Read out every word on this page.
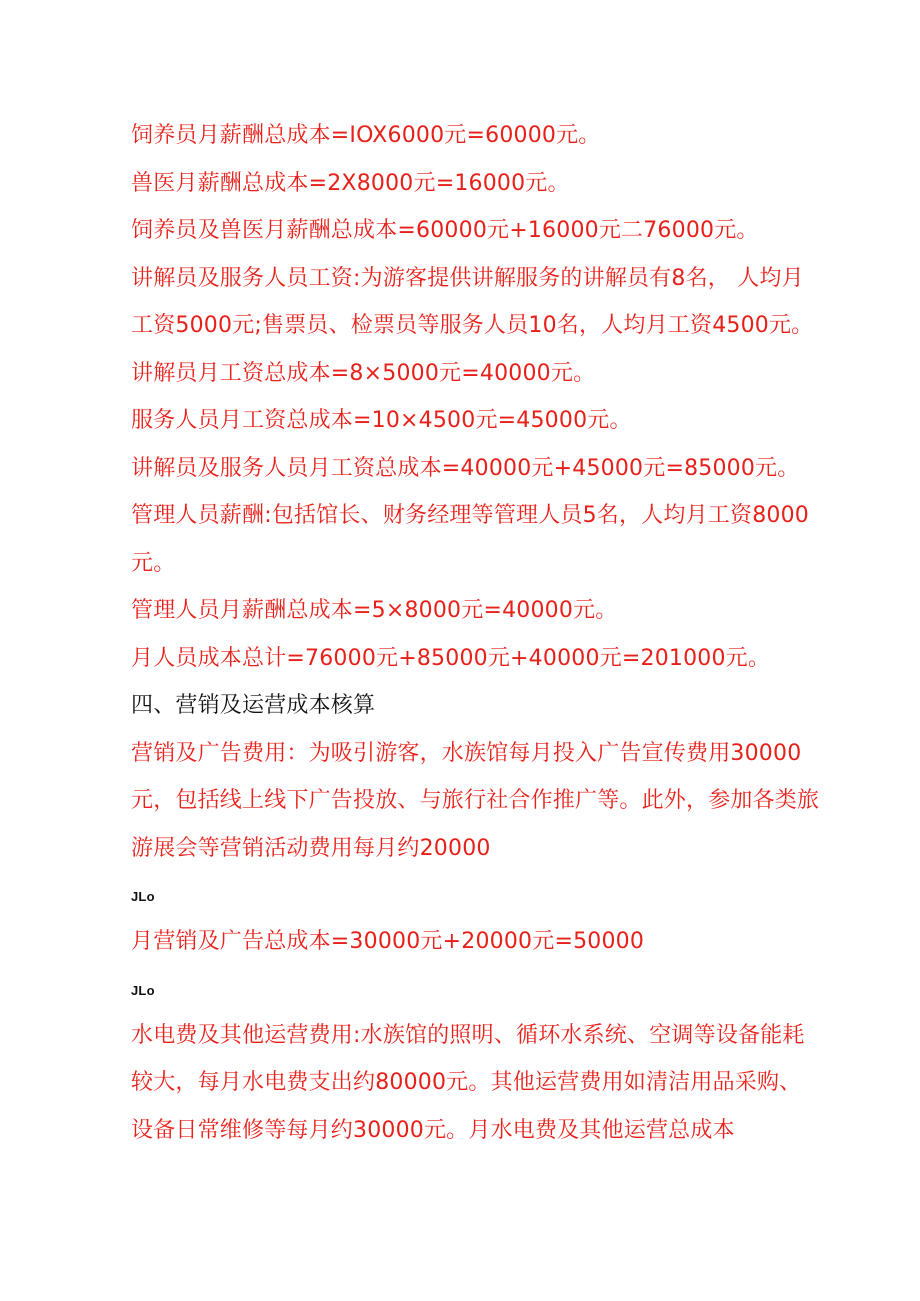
饲养员月薪酬总成本=IOX6000元=60000元。
兽医月薪酬总成本=2X8000元=16000元。
饲养员及兽医月薪酬总成本=60000元+16000元二76000元。
讲解员及服务人员工资:为游客提供讲解服务的讲解员有8名， 人均月
工资5000元;售票员、检票员等服务人员10名，人均月工资4500元。
讲解员月工资总成本=8×5000元=40000元。
服务人员月工资总成本=10×4500元=45000元。
讲解员及服务人员月工资总成本=40000元+45000元=85000元。
管理人员薪酬:包括馆长、财务经理等管理人员5名，人均月工资8000
元。
管理人员月薪酬总成本=5×8000元=40000元。
月人员成本总计=76000元+85000元+40000元=201000元。
四、营销及运营成本核算
营销及广告费用：为吸引游客，水族馆每月投入广告宣传费用30000
元，包括线上线下广告投放、与旅行社合作推广等。此外，参加各类旅
游展会等营销活动费用每月约20000
JLo
月营销及广告总成本=30000元+20000元=50000
JLo
水电费及其他运营费用:水族馆的照明、循环水系统、空调等设备能耗
较大，每月水电费支出约80000元。其他运营费用如清洁用品采购、
设备日常维修等每月约30000元。月水电费及其他运营总成本
